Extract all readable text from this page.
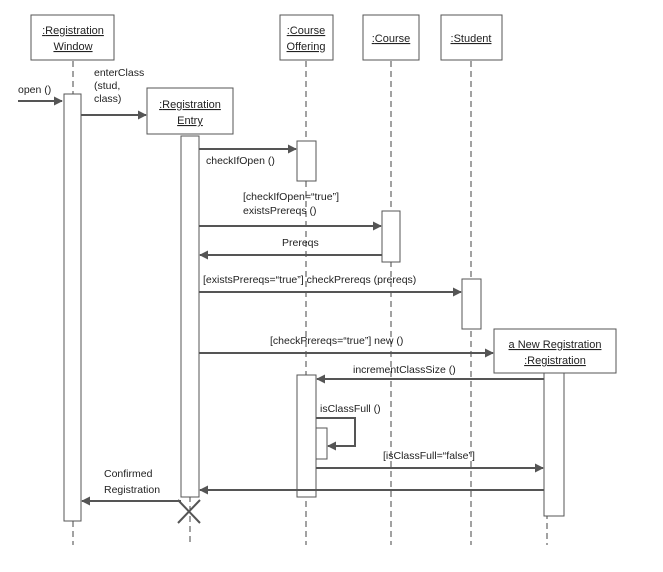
:Registration
Window
:Registration
Entry
:Course
Offering
:Course	:Student
a New Registration
:Registration
open ()
enterClass
(stud,
class)
checkIfOpen ()
[checkIfOpen=“true”]
existsPrereqs ()
Prereqs
[existsPrereqs=“true”] checkPrereqs (prereqs)
[checkPrereqs=“true”] new ()
incrementClassSize ()
isClassFull ()
[isClassFull=“false”]
Confirmed
Registration
